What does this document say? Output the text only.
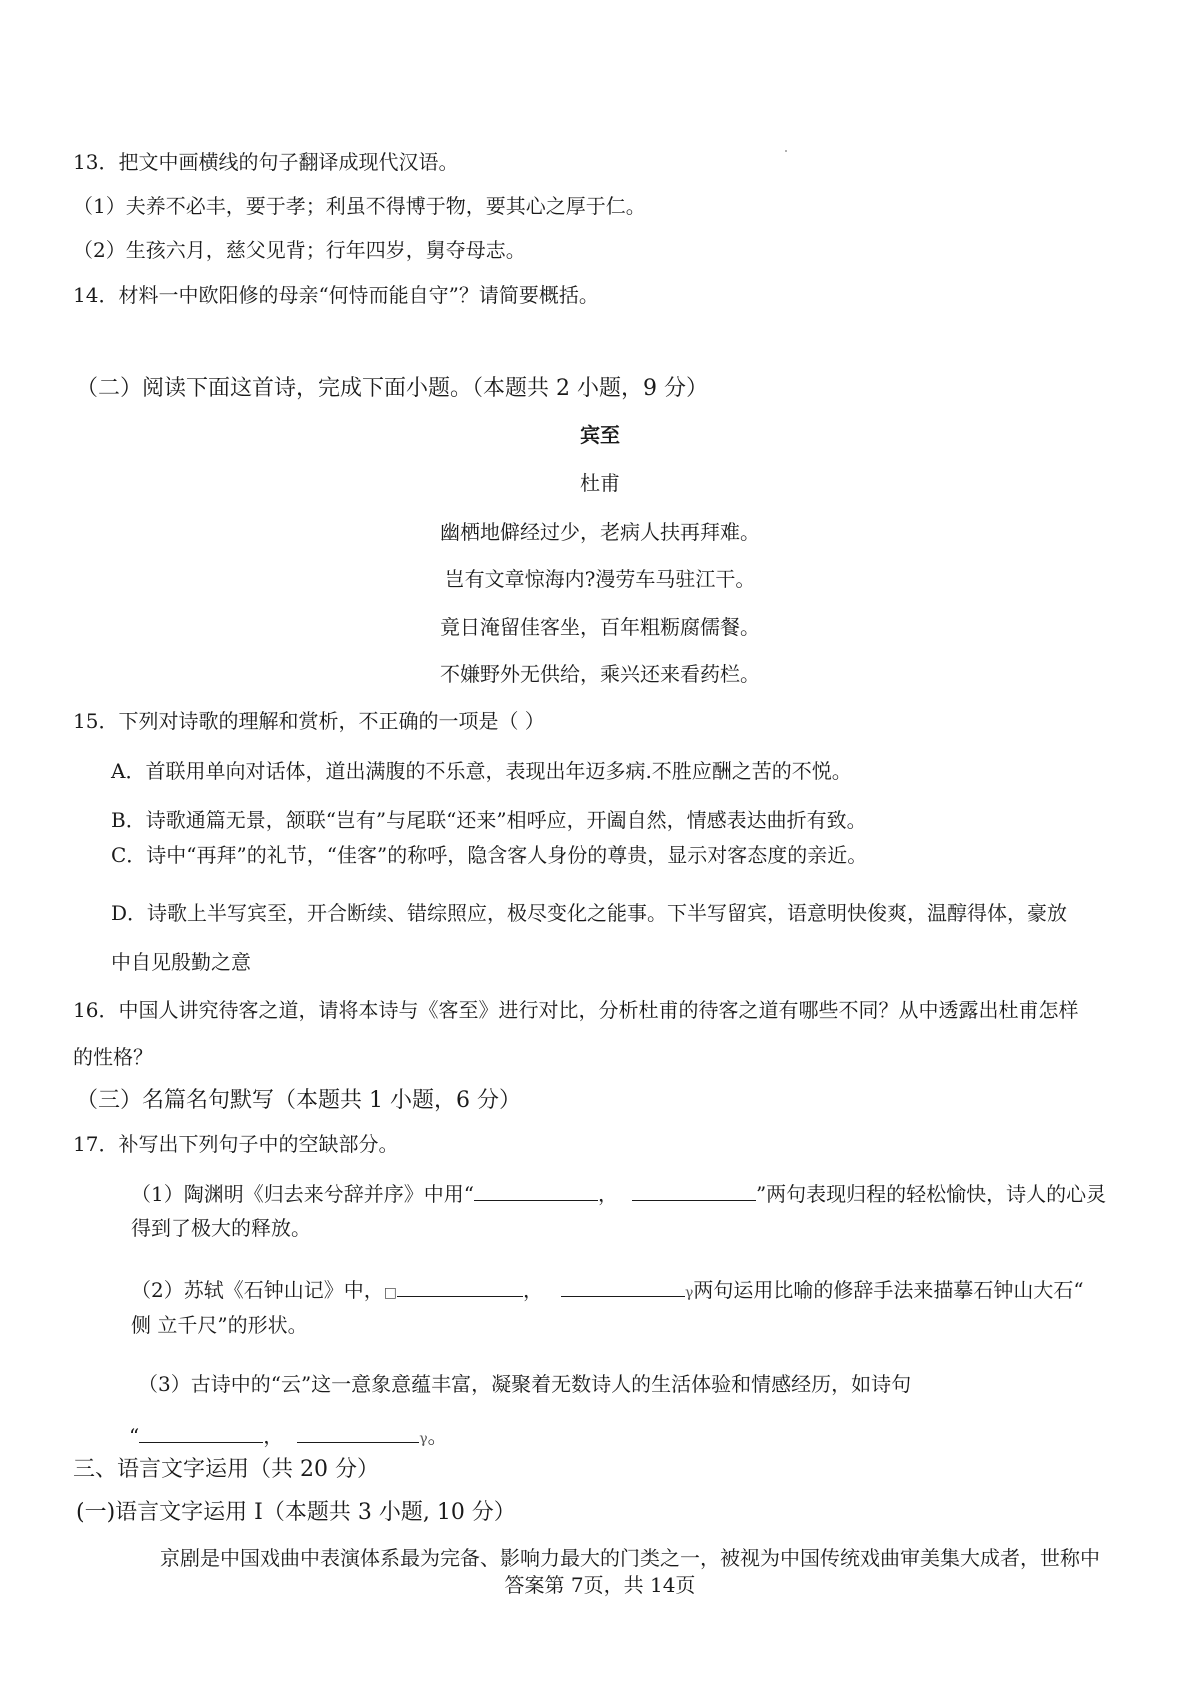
13．把文中画横线的句子翻译成现代汉语。
（1）夫养不必丰，要于孝；利虽不得博于物，要其心之厚于仁。
（2）生孩六月，慈父见背；行年四岁，舅夺母志。
14．材料一中欧阳修的母亲“何恃而能自守”？请简要概括。
（二）阅读下面这首诗，完成下面小题。（本题共 2 小题，9 分）
宾至
杜甫
幽栖地僻经过少，老病人扶再拜难。
岂有文章惊海内?漫劳车马驻江干。
竟日淹留佳客坐，百年粗粝腐儒餐。
不嫌野外无供给，乘兴还来看药栏。
15．下列对诗歌的理解和赏析，不正确的一项是（ ）
A．首联用单向对话体，道出满腹的不乐意，表现出年迈多病.不胜应酬之苦的不悦。
B．诗歌通篇无景，颔联“岂有”与尾联“还来”相呼应，开阖自然，情感表达曲折有致。
C．诗中“再拜”的礼节，“佳客”的称呼，隐含客人身份的尊贵，显示对客态度的亲近。
D．诗歌上半写宾至，开合断续、错综照应，极尽变化之能事。下半写留宾，语意明快俊爽，温醇得体，豪放
中自见殷勤之意
16．中国人讲究待客之道，请将本诗与《客至》进行对比，分析杜甫的待客之道有哪些不同？从中透露出杜甫怎样
的性格？
（三）名篇名句默写（本题共 1 小题，6 分）
17．补写出下列句子中的空缺部分。
（1）陶渊明《归去来兮辞并序》中用“	，	”两句表现归程的轻松愉快，诗人的心灵
得到了极大的释放。
（2）苏轼《石钟山记》中，□	，	γ两句运用比喻的修辞手法来描摹石钟山大石“
侧 立千尺”的形状。
（3）古诗中的“云”这一意象意蕴丰富，凝聚着无数诗人的生活体验和情感经历，如诗句
“	，	γ。
三、语言文字运用（共 20 分）
(一)语言文字运用 Ⅰ（本题共 3 小题, 10 分）
京剧是中国戏曲中表演体系最为完备、影响力最大的门类之一，被视为中国传统戏曲审美集大成者，世称中
答案第 7页，共 14页
